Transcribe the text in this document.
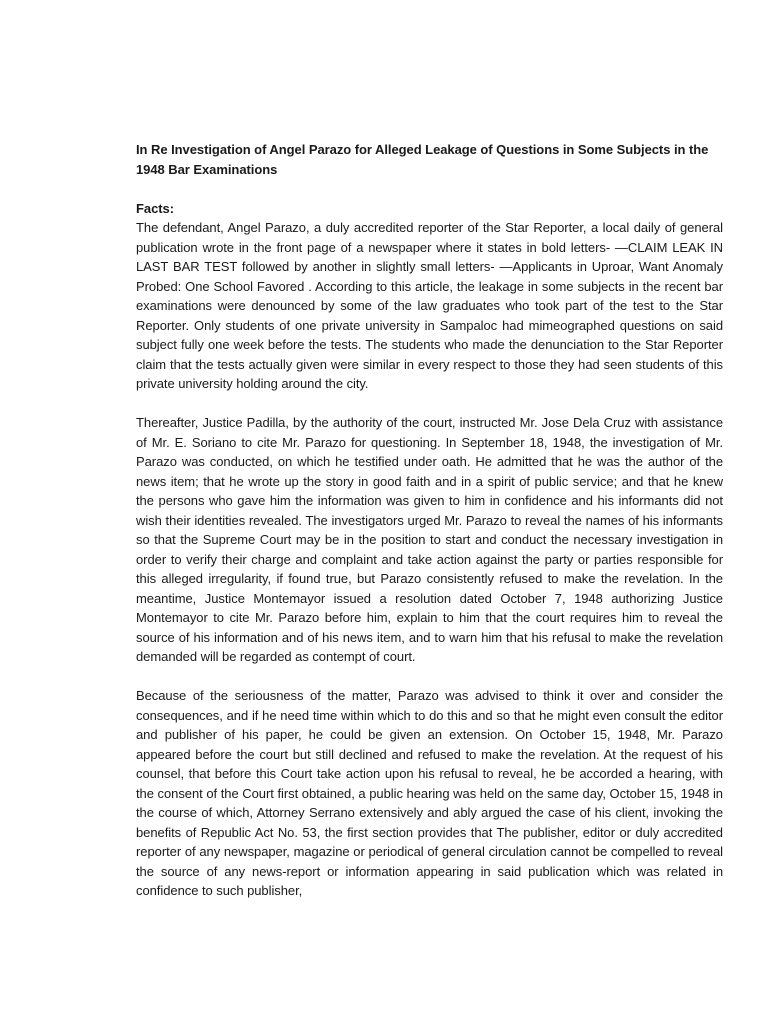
In Re Investigation of Angel Parazo for Alleged Leakage of Questions in Some Subjects in the 1948 Bar Examinations

Facts:

The defendant, Angel Parazo, a duly accredited reporter of the Star Reporter, a local daily of general publication wrote in the front page of a newspaper where it states in bold letters- —CLAIM LEAK IN LAST BAR TEST followed by another in slightly small letters- —Applicants in Uproar, Want Anomaly Probed: One School Favored . According to this article, the leakage in some subjects in the recent bar examinations were denounced by some of the law graduates who took part of the test to the Star Reporter. Only students of one private university in Sampaloc had mimeographed questions on said subject fully one week before the tests. The students who made the denunciation to the Star Reporter claim that the tests actually given were similar in every respect to those they had seen students of this private university holding around the city.

Thereafter, Justice Padilla, by the authority of the court, instructed Mr. Jose Dela Cruz with assistance of Mr. E. Soriano to cite Mr. Parazo for questioning. In September 18, 1948, the investigation of Mr. Parazo was conducted, on which he testified under oath. He admitted that he was the author of the news item; that he wrote up the story in good faith and in a spirit of public service; and that he knew the persons who gave him the information was given to him in confidence and his informants did not wish their identities revealed. The investigators urged Mr. Parazo to reveal the names of his informants so that the Supreme Court may be in the position to start and conduct the necessary investigation in order to verify their charge and complaint and take action against the party or parties responsible for this alleged irregularity, if found true, but Parazo consistently refused to make the revelation. In the meantime, Justice Montemayor issued a resolution dated October 7, 1948 authorizing Justice Montemayor to cite Mr. Parazo before him, explain to him that the court requires him to reveal the source of his information and of his news item, and to warn him that his refusal to make the revelation demanded will be regarded as contempt of court.

Because of the seriousness of the matter, Parazo was advised to think it over and consider the consequences, and if he need time within which to do this and so that he might even consult the editor and publisher of his paper, he could be given an extension. On October 15, 1948, Mr. Parazo appeared before the court but still declined and refused to make the revelation. At the request of his counsel, that before this Court take action upon his refusal to reveal, he be accorded a hearing, with the consent of the Court first obtained, a public hearing was held on the same day, October 15, 1948 in the course of which, Attorney Serrano extensively and ably argued the case of his client, invoking the benefits of Republic Act No. 53, the first section provides that The publisher, editor or duly accredited reporter of any newspaper, magazine or periodical of general circulation cannot be compelled to reveal the source of any news-report or information appearing in said publication which was related in confidence to such publisher,
